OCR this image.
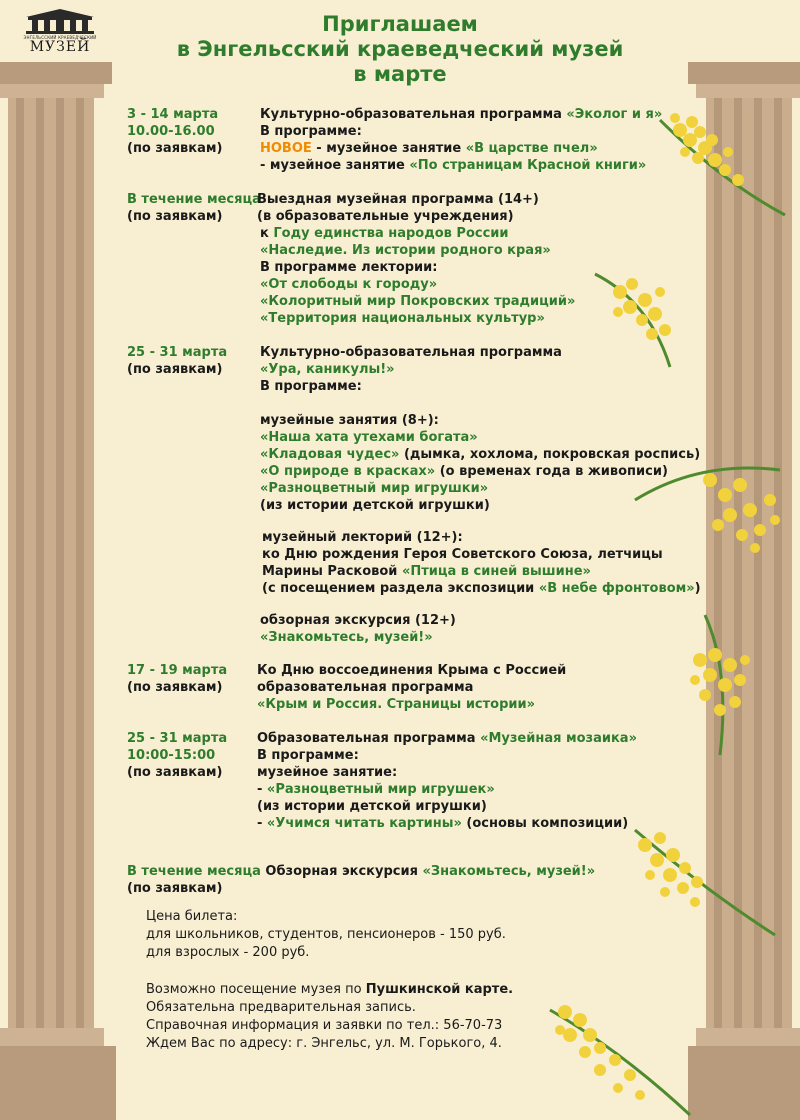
ЭНГЕЛЬССКИЙ КРАЕВЕДЧЕСКИЙ
МУЗЕЙ
Приглашаем
в Энгельсский краеведческий музей
в марте
3 - 14 марта
10.00-16.00
(по заявкам)
Культурно-образовательная программа «Эколог и я»
В программе:
НОВОЕ - музейное занятие «В царстве пчел»
- музейное занятие «По страницам Красной книги»
В течение месяца
(по заявкам)
Выездная музейная программа (14+)
(в образовательные учреждения)
к Году единства народов России
«Наследие. Из истории родного края»
В программе лектории:
«От слободы к городу»
«Колоритный мир Покровских традиций»
«Территория национальных культур»
25 - 31 марта
(по заявкам)
Культурно-образовательная программа
«Ура, каникулы!»
В программе:
музейные занятия (8+):
«Наша хата утехами богата»
«Кладовая чудес» (дымка, хохлома, покровская роспись)
«О природе в красках» (о временах года в живописи)
«Разноцветный мир игрушки»
(из истории детской игрушки)
музейный лекторий (12+):
ко Дню рождения Героя Советского Союза, летчицы
Марины Расковой «Птица в синей вышине»
(с посещением раздела экспозиции «В небе фронтовом»)
обзорная экскурсия (12+)
«Знакомьтесь, музей!»
17 - 19 марта
(по заявкам)
Ко Дню воссоединения Крыма с Россией
образовательная программа
«Крым и Россия. Страницы истории»
25 - 31 марта
10:00-15:00
(по заявкам)
Образовательная программа «Музейная мозаика»
В программе:
музейное занятие:
- «Разноцветный мир игрушек»
(из истории детской игрушки)
- «Учимся читать картины» (основы композиции)
В течение месяца Обзорная экскурсия «Знакомьтесь, музей!»
(по заявкам)
Цена билета:
для школьников, студентов, пенсионеров - 150 руб.
для взрослых - 200 руб.
Возможно посещение музея по Пушкинской карте.
Обязательна предварительная запись.
Справочная информация и заявки по тел.: 56-70-73
Ждем Вас по адресу: г. Энгельс, ул. М. Горького, 4.
